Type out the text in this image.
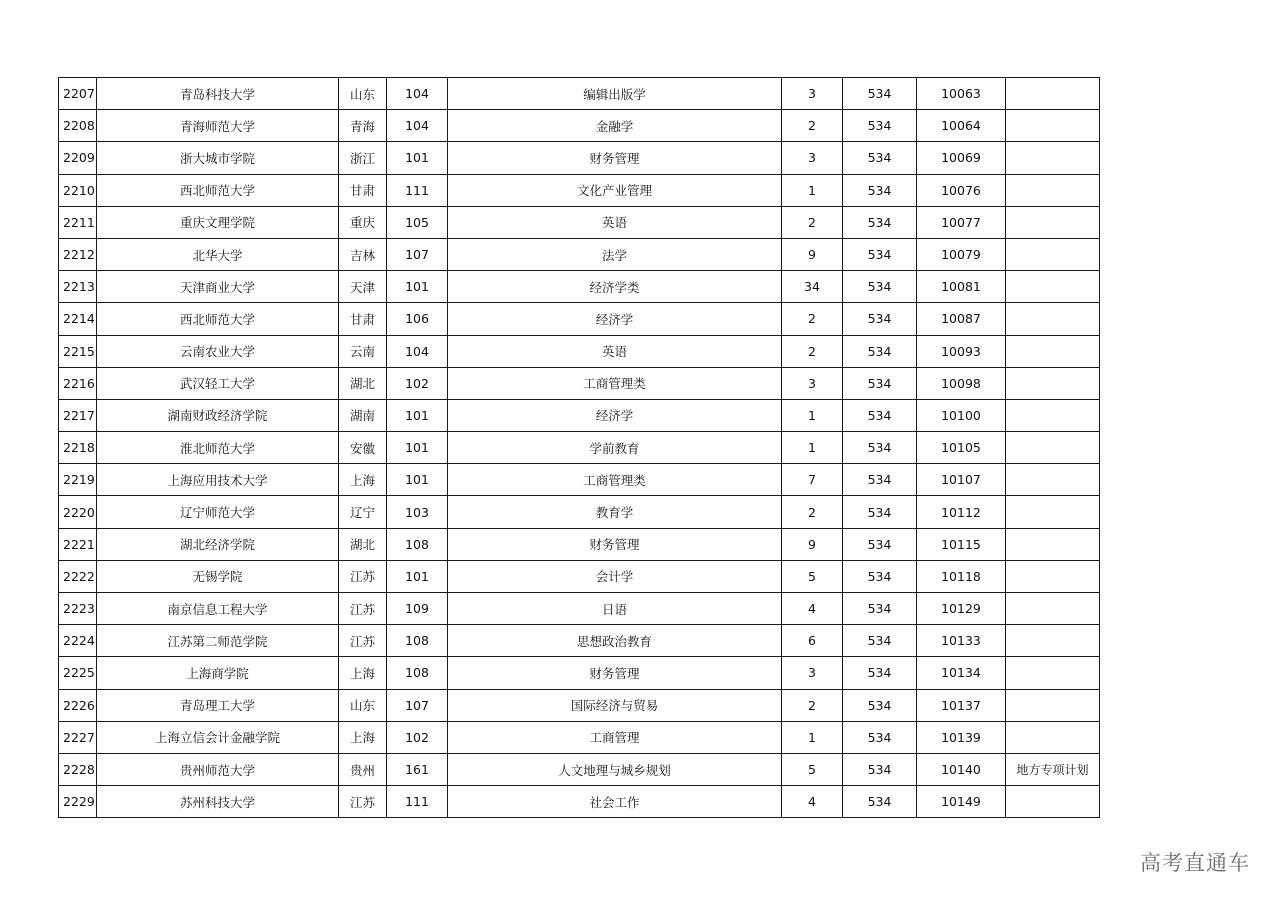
2207	青岛科技大学	山东	104	编辑出版学	3	534	10063	
2208	青海师范大学	青海	104	金融学	2	534	10064	
2209	浙大城市学院	浙江	101	财务管理	3	534	10069	
2210	西北师范大学	甘肃	111	文化产业管理	1	534	10076	
2211	重庆文理学院	重庆	105	英语	2	534	10077	
2212	北华大学	吉林	107	法学	9	534	10079	
2213	天津商业大学	天津	101	经济学类	34	534	10081	
2214	西北师范大学	甘肃	106	经济学	2	534	10087	
2215	云南农业大学	云南	104	英语	2	534	10093	
2216	武汉轻工大学	湖北	102	工商管理类	3	534	10098	
2217	湖南财政经济学院	湖南	101	经济学	1	534	10100	
2218	淮北师范大学	安徽	101	学前教育	1	534	10105	
2219	上海应用技术大学	上海	101	工商管理类	7	534	10107	
2220	辽宁师范大学	辽宁	103	教育学	2	534	10112	
2221	湖北经济学院	湖北	108	财务管理	9	534	10115	
2222	无锡学院	江苏	101	会计学	5	534	10118	
2223	南京信息工程大学	江苏	109	日语	4	534	10129	
2224	江苏第二师范学院	江苏	108	思想政治教育	6	534	10133	
2225	上海商学院	上海	108	财务管理	3	534	10134	
2226	青岛理工大学	山东	107	国际经济与贸易	2	534	10137	
2227	上海立信会计金融学院	上海	102	工商管理	1	534	10139	
2228	贵州师范大学	贵州	161	人文地理与城乡规划	5	534	10140	地方专项计划
2229	苏州科技大学	江苏	111	社会工作	4	534	10149	
高考直通车
